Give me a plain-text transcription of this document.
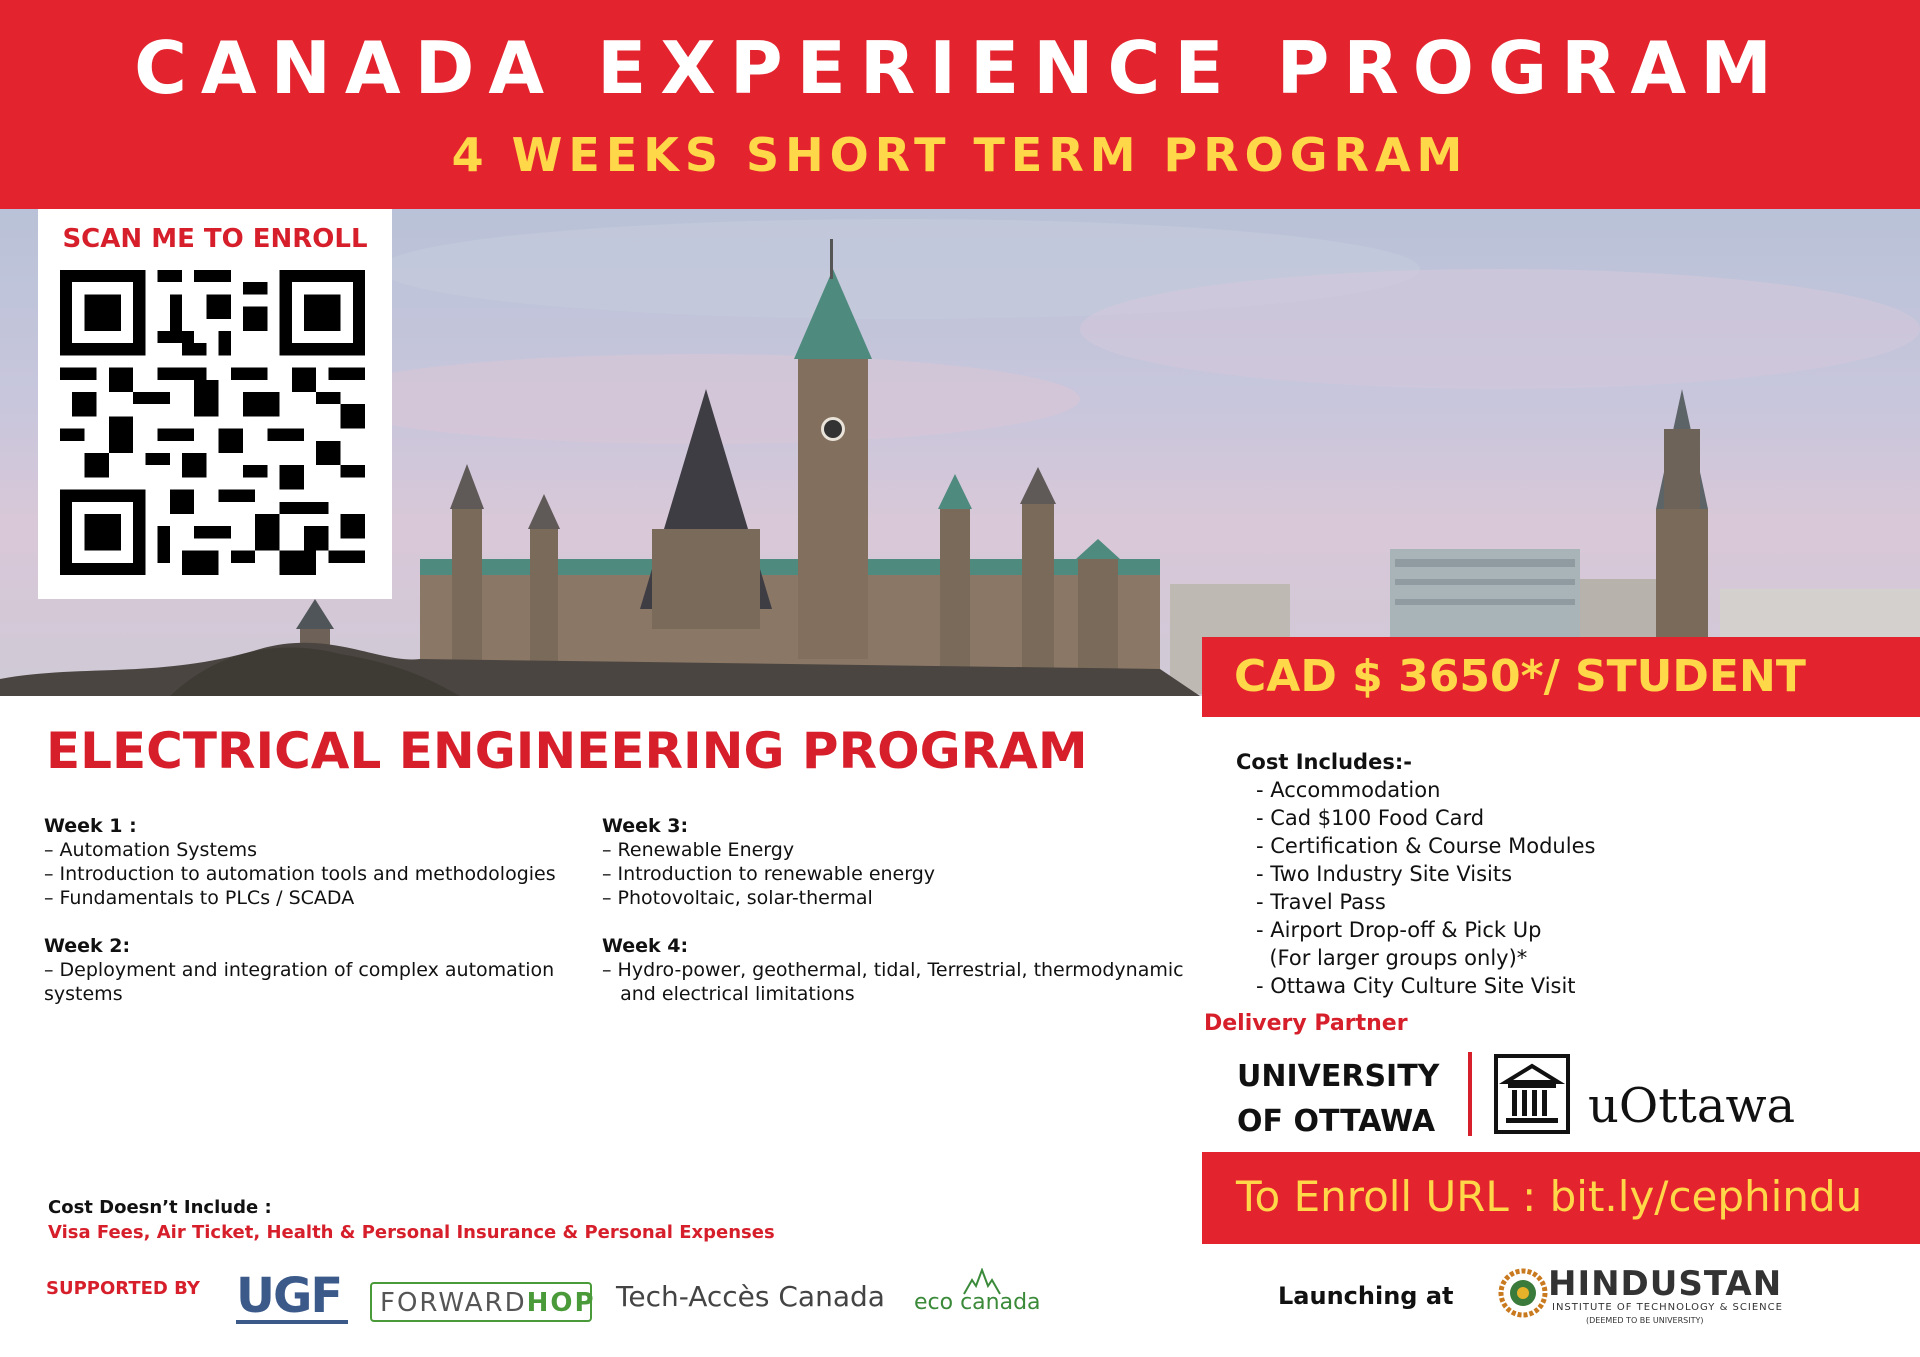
CANADA EXPERIENCE PROGRAM
4 WEEKS SHORT TERM PROGRAM
SCAN ME TO ENROLL
CAD $ 3650*/ STUDENT
ELECTRICAL ENGINEERING PROGRAM
Week 1 :
– Automation Systems
– Introduction to automation tools and methodologies
– Fundamentals to PLCs / SCADA
Week 2:
– Deployment and integration of complex automation
systems
Week 3:
– Renewable Energy
– Introduction to renewable energy
– Photovoltaic, solar-thermal
Week 4:
– Hydro-power, geothermal, tidal, Terrestrial, thermodynamic
and electrical limitations
Cost Includes:-
- Accommodation
- Cad $100 Food Card
- Certification & Course Modules
- Two Industry Site Visits
- Travel Pass
- Airport Drop-off & Pick Up
(For larger groups only)*
- Ottawa City Culture Site Visit
Delivery Partner
UNIVERSITY
OF OTTAWA	uOttawa
To Enroll URL : bit.ly/cephindu
Cost Doesn’t Include :
Visa Fees, Air Ticket, Health & Personal Insurance & Personal Expenses
SUPPORTED BY UGF FORWARDHOP Tech-Accès Canada eco canada	Launching at	HINDUSTAN
INSTITUTE OF TECHNOLOGY & SCIENCE
(DEEMED TO BE UNIVERSITY)
